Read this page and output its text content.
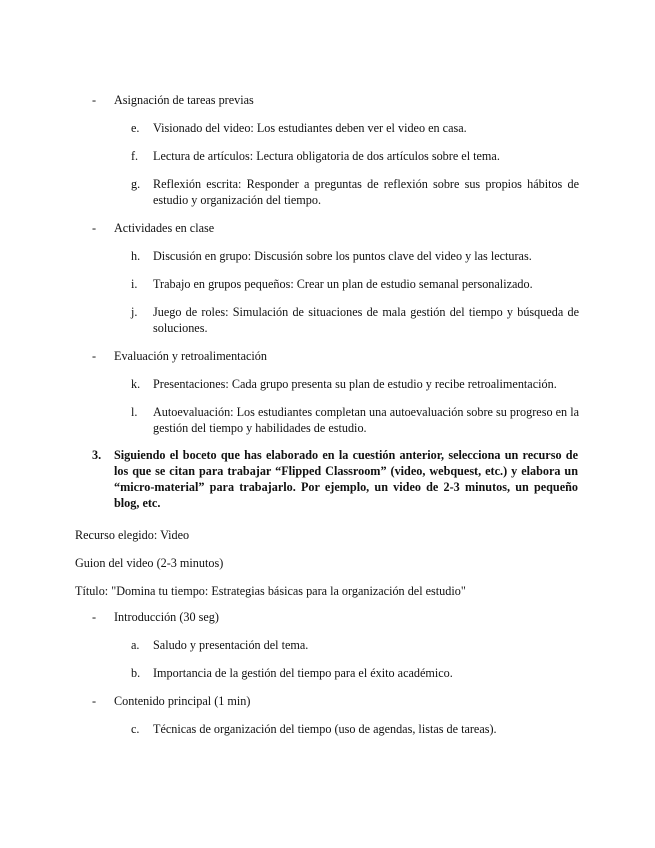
- Asignación de tareas previas
e. Visionado del video: Los estudiantes deben ver el video en casa.
f. Lectura de artículos: Lectura obligatoria de dos artículos sobre el tema.
g. Reflexión escrita: Responder a preguntas de reflexión sobre sus propios hábitos de estudio y organización del tiempo.
- Actividades en clase
h. Discusión en grupo: Discusión sobre los puntos clave del video y las lecturas.
i. Trabajo en grupos pequeños: Crear un plan de estudio semanal personalizado.
j. Juego de roles: Simulación de situaciones de mala gestión del tiempo y búsqueda de soluciones.
- Evaluación y retroalimentación
k. Presentaciones: Cada grupo presenta su plan de estudio y recibe retroalimentación.
l. Autoevaluación: Los estudiantes completan una autoevaluación sobre su progreso en la gestión del tiempo y habilidades de estudio.
3. Siguiendo el boceto que has elaborado en la cuestión anterior, selecciona un recurso de los que se citan para trabajar “Flipped Classroom” (video, webquest, etc.) y elabora un “micro-material” para trabajarlo. Por ejemplo, un video de 2-3 minutos, un pequeño blog, etc.
Recurso elegido: Video
Guion del video (2-3 minutos)
Título: "Domina tu tiempo: Estrategias básicas para la organización del estudio"
- Introducción (30 seg)
a. Saludo y presentación del tema.
b. Importancia de la gestión del tiempo para el éxito académico.
- Contenido principal (1 min)
c. Técnicas de organización del tiempo (uso de agendas, listas de tareas).
